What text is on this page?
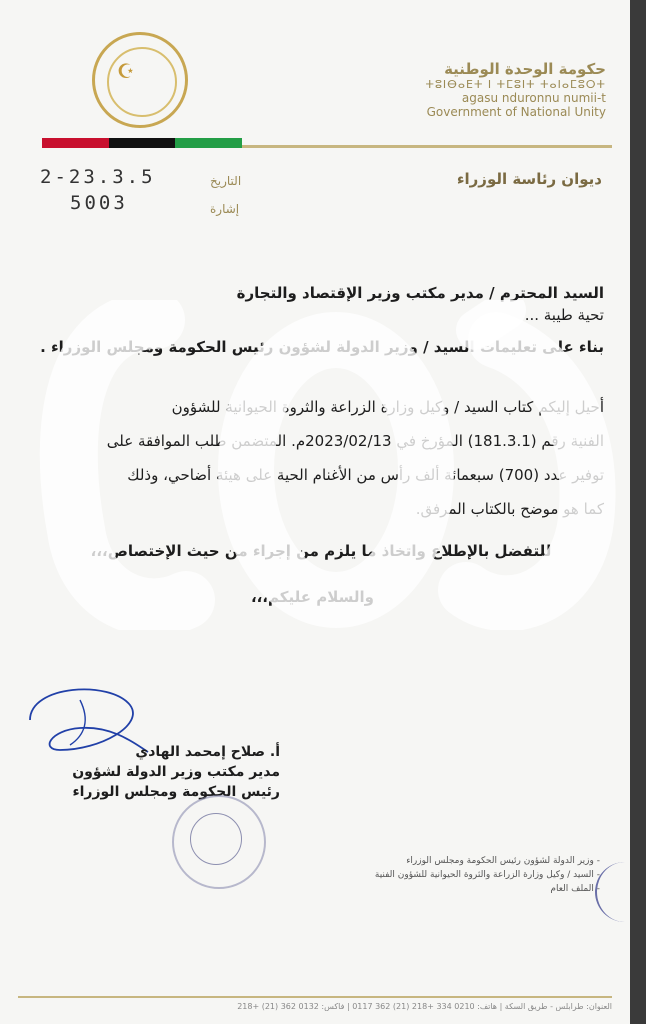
☪	حكومة الوحدة الوطنية
ⵜⵓⵏⴱⴰⴹⵜ ⵏ ⵜⵎⵓⵏⵜ ⵜⴰⵏⴰⵎⵓⵔⵜ
agasu nduronnu numii-t
Government of National Unity
ديوان رئاسة الوزراء
2-23.3.5	التاريخ
5003	إشارة

السيد المحترم / مدير مكتب وزير الإقتصاد والتجارة

تحية طيبة ...

بناء على تعليمات السيد / وزير الدولة لشؤون رئيس الحكومة ومجلس الوزراء .

أحيل إليكم كتاب السيد / وكيل وزارة الزراعة والثروة الحيوانية للشؤون

الفنية رقم (181.3.1) المؤرخ في 2023/02/13م. المتضمن طلب الموافقة على

توفير عدد (700) سبعمائة ألف رأس من الأغنام الحية على هيئة أضاحي، وذلك

كما هو موضح بالكتاب المرفق.

للتفضل بالإطلاع واتخاذ ما يلزم من إجراء من حيث الإختصاص،،،

والسلام عليكم،،،

أ. صلاح إمحمد الهادي
مدير مكتب وزير الدولة لشؤون
رئيس الحكومة ومجلس الوزراء
- وزير الدولة لشؤون رئيس الحكومة ومجلس الوزراء
- السيد / وكيل وزارة الزراعة والثروة الحيوانية للشؤون الفنية
- الملف العام
العنوان: طرابلس - طريق السكة | هاتف: 0210 334 +218 (21) 362 0117 | فاكس: 0132 362 (21) +218
